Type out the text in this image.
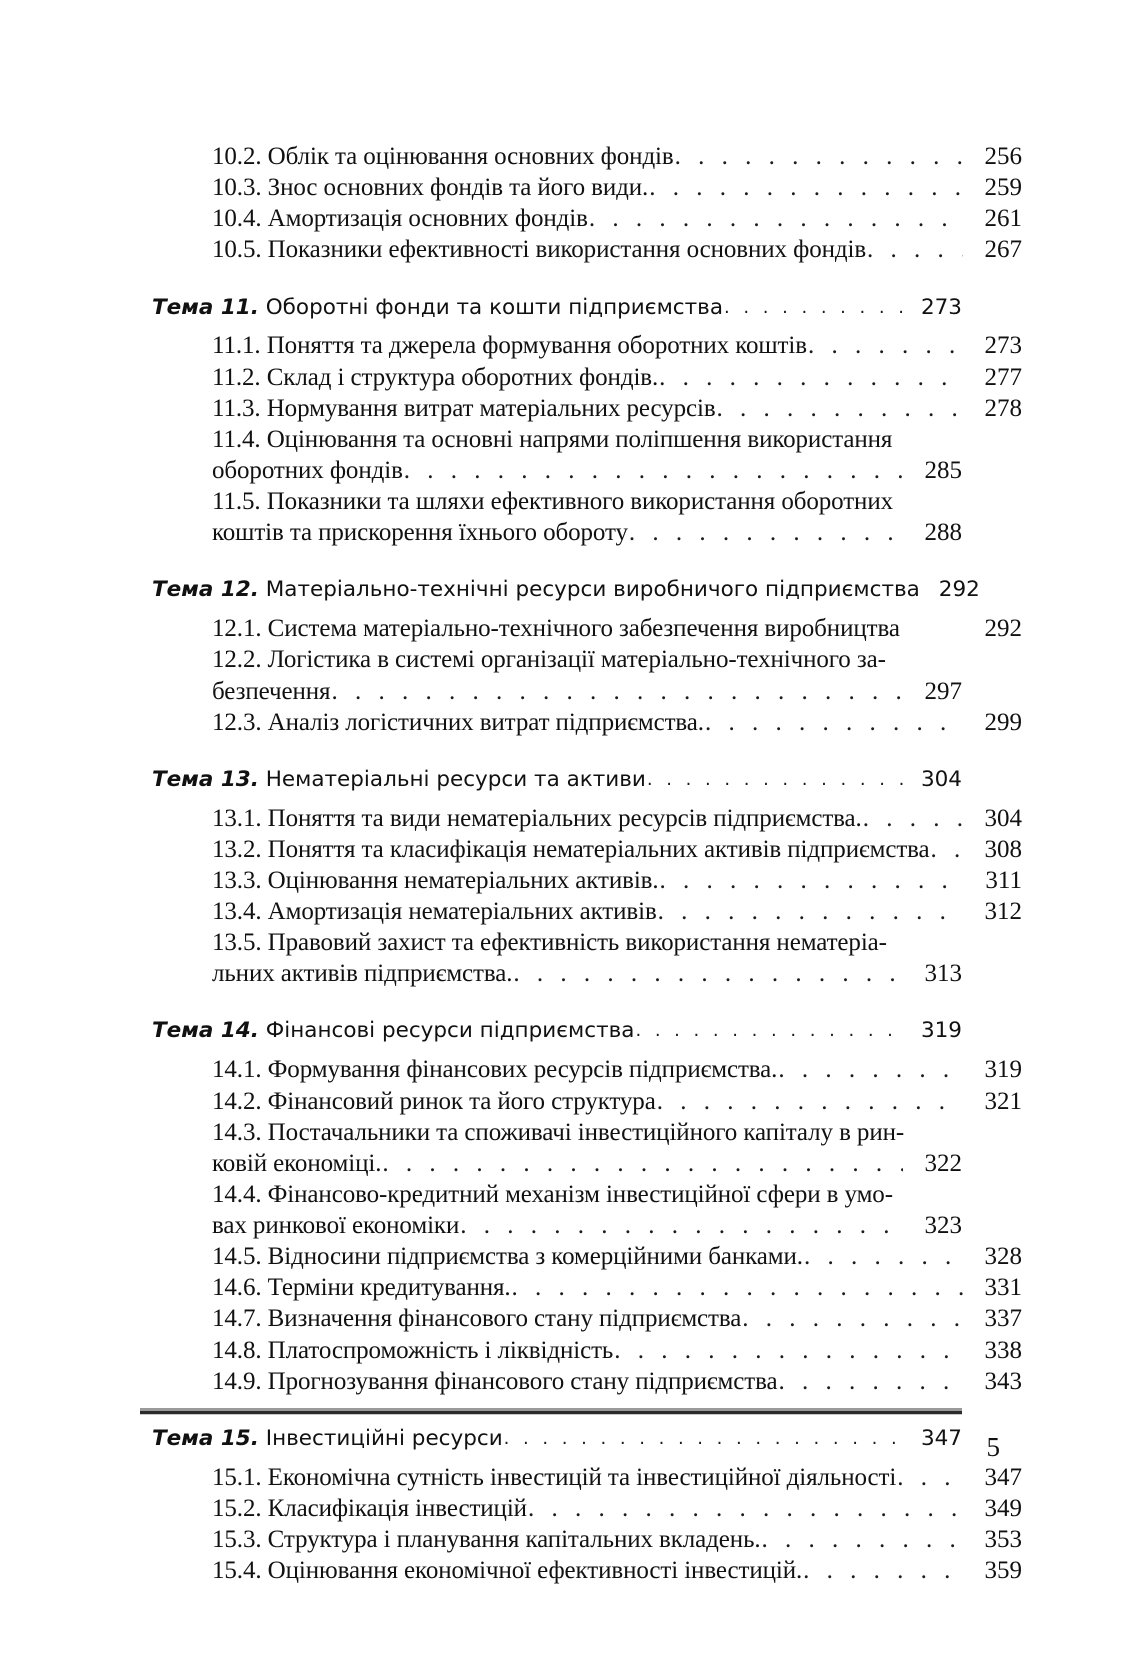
10.2. Облік та оцінювання основних фондів . . .	256
10.3. Знос основних фондів та його види. . . .	259
10.4. Амортизація основних фондів . . .	261
10.5. Показники ефективності використання основних фондів . . .	267
Тема 11. Оборотні фонди та кошти підприємства . . .	273
11.1. Поняття та джерела формування оборотних коштів . . .	273
11.2. Склад і структура оборотних фондів. . . .	277
11.3. Нормування витрат матеріальних ресурсів . . .	278
11.4. Оцінювання та основні напрями поліпшення використання
оборотних фондів . . .	285
11.5. Показники та шляхи ефективного використання оборотних
коштів та прискорення їхнього обороту . . .	288
Тема 12. Матеріально-технічні ресурси виробничого підприємства 292
12.1. Система матеріально-технічного забезпечення виробництва	292
12.2. Логістика в системі організації матеріально-технічного за-
безпечення . . .	297
12.3. Аналіз логістичних витрат підприємства. . . .	299
Тема 13. Нематеріальні ресурси та активи . . .	304
13.1. Поняття та види нематеріальних ресурсів підприємства. . . .	304
13.2. Поняття та класифікація нематеріальних активів підприємства . . .	308
13.3. Оцінювання нематеріальних активів. . . .	311
13.4. Амортизація нематеріальних активів . . .	312
13.5. Правовий захист та ефективність використання нематеріа-
льних активів підприємства. . . .	313
Тема 14. Фінансові ресурси підприємства . . .	319
14.1. Формування фінансових ресурсів підприємства. . . .	319
14.2. Фінансовий ринок та його структура . . .	321
14.3. Постачальники та споживачі інвестиційного капіталу в рин-
ковій економіці. . . .	322
14.4. Фінансово-кредитний механізм інвестиційної сфери в умо-
вах ринкової економіки . . .	323
14.5. Відносини підприємства з комерційними банками. . . .	328
14.6. Терміни кредитування. . . .	331
14.7. Визначення фінансового стану підприємства . . .	337
14.8. Платоспроможність і ліквідність . . .	338
14.9. Прогнозування фінансового стану підприємства . . .	343
Тема 15. Інвестиційні ресурси . . .	347
15.1. Економічна сутність інвестицій та інвестиційної діяльності . . .	347
15.2. Класифікація інвестицій . . .	349
15.3. Структура і планування капітальних вкладень. . . .	353
15.4. Оцінювання економічної ефективності інвестицій. . . .	359
5
